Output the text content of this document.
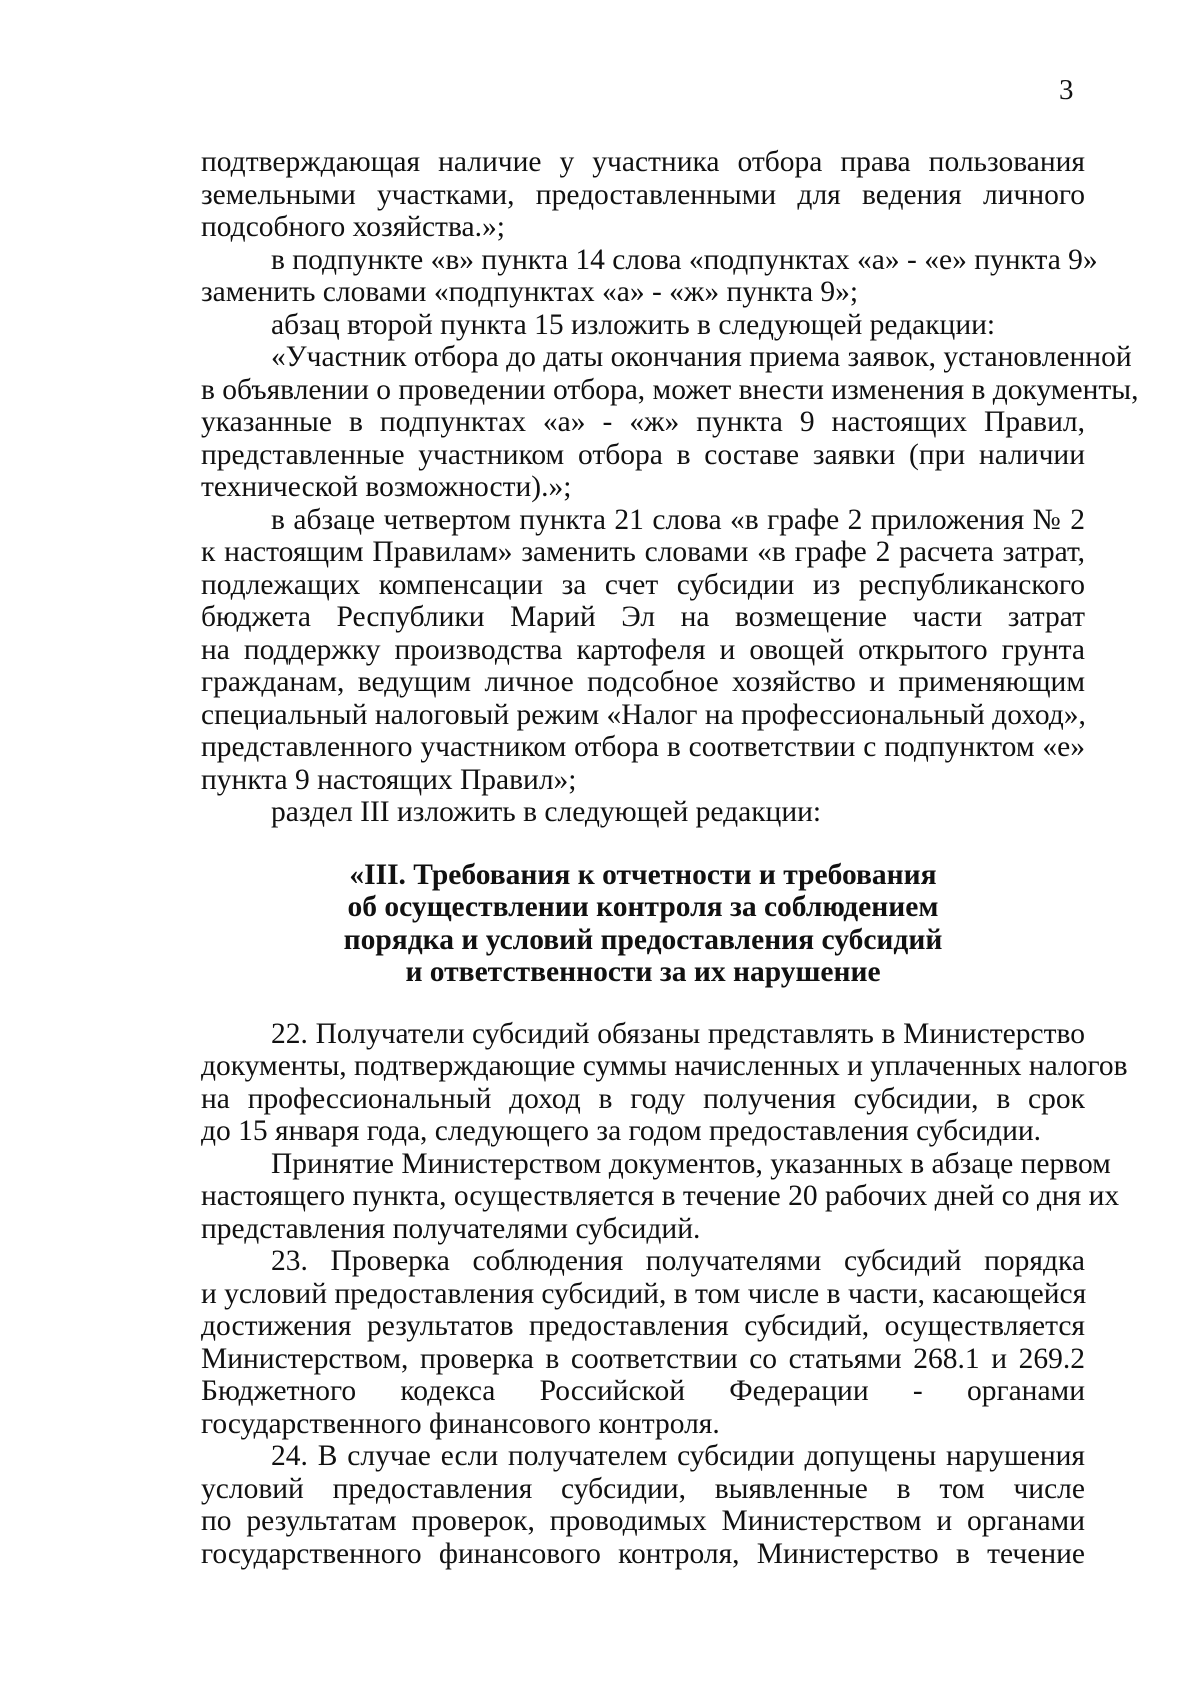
3
подтверждающая наличие у участника отбора права пользования
земельными участками, предоставленными для ведения личного
подсобного хозяйства.»;
в подпункте «в» пункта 14 слова «подпунктах «а» - «е» пункта 9»
заменить словами «подпунктах «а» - «ж» пункта 9»;
абзац второй пункта 15 изложить в следующей редакции:
«Участник отбора до даты окончания приема заявок, установленной
в объявлении о проведении отбора, может внести изменения в документы,
указанные в подпунктах «а» - «ж» пункта 9 настоящих Правил,
представленные участником отбора в составе заявки (при наличии
технической возможности).»;
в абзаце четвертом пункта 21 слова «в графе 2 приложения № 2
к настоящим Правилам» заменить словами «в графе 2 расчета затрат,
подлежащих компенсации за счет субсидии из республиканского
бюджета Республики Марий Эл на возмещение части затрат
на поддержку производства картофеля и овощей открытого грунта
гражданам, ведущим личное подсобное хозяйство и применяющим
специальный налоговый режим «Налог на профессиональный доход»,
представленного участником отбора в соответствии с подпунктом «е»
пункта 9 настоящих Правил»;
раздел III изложить в следующей редакции:
«III. Требования к отчетности и требования
об осуществлении контроля за соблюдением
порядка и условий предоставления субсидий
и ответственности за их нарушение
22. Получатели субсидий обязаны представлять в Министерство
документы, подтверждающие суммы начисленных и уплаченных налогов
на профессиональный доход в году получения субсидии, в срок
до 15 января года, следующего за годом предоставления субсидии.
Принятие Министерством документов, указанных в абзаце первом
настоящего пункта, осуществляется в течение 20 рабочих дней со дня их
представления получателями субсидий.
23. Проверка соблюдения получателями субсидий порядка
и условий предоставления субсидий, в том числе в части, касающейся
достижения результатов предоставления субсидий, осуществляется
Министерством, проверка в соответствии со статьями 268.1 и 269.2
Бюджетного кодекса Российской Федерации - органами
государственного финансового контроля.
24. В случае если получателем субсидии допущены нарушения
условий предоставления субсидии, выявленные в том числе
по результатам проверок, проводимых Министерством и органами
государственного финансового контроля, Министерство в течение
